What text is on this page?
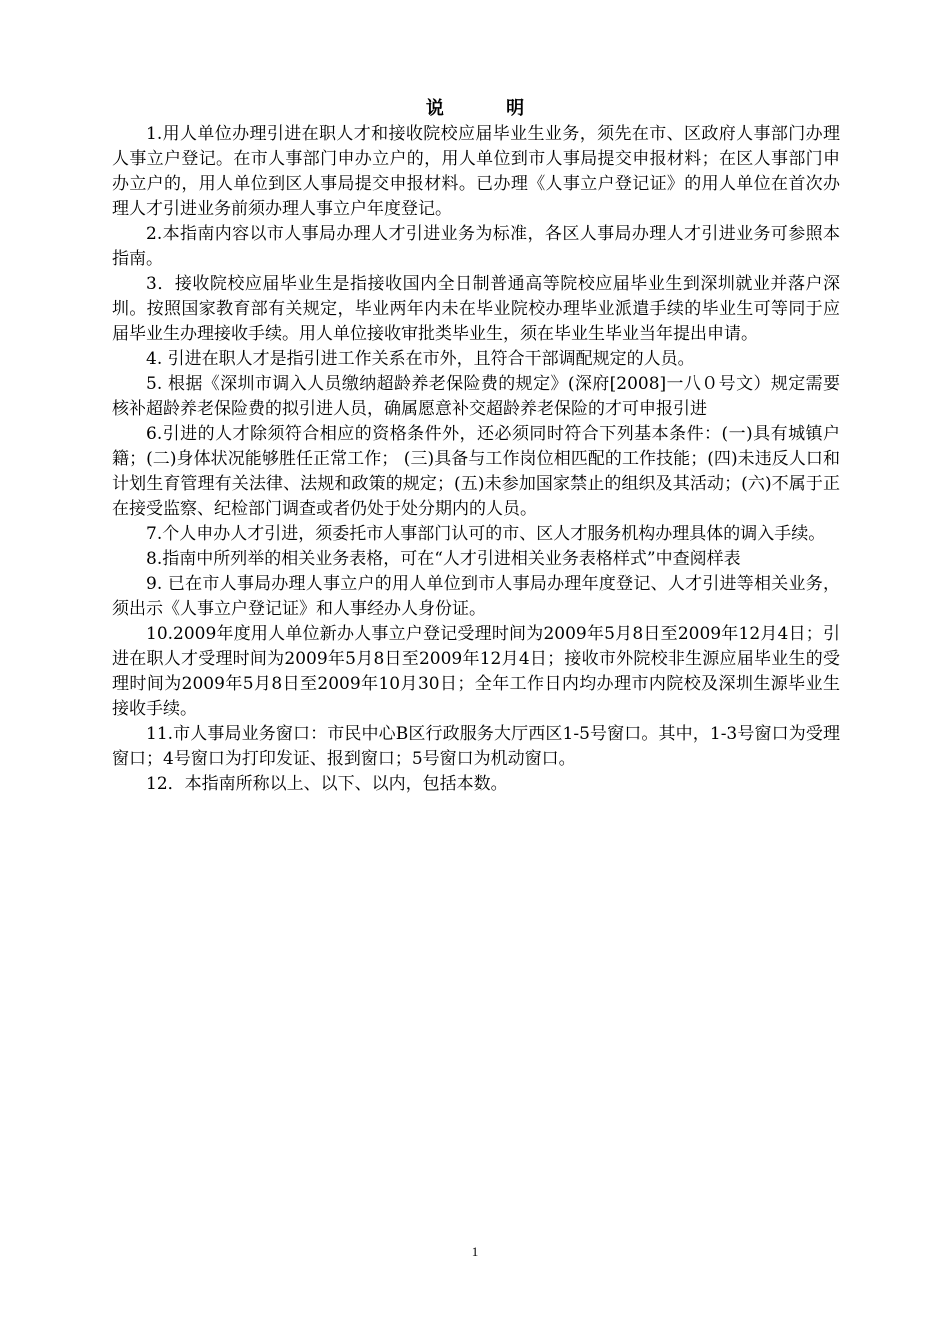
说 明

1.用人单位办理引进在职人才和接收院校应届毕业生业务，须先在市、区政府人事部门办理人事立户登记。在市人事部门申办立户的，用人单位到市人事局提交申报材料；在区人事部门申办立户的，用人单位到区人事局提交申报材料。已办理《人事立户登记证》的用人单位在首次办理人才引进业务前须办理人事立户年度登记。

2.本指南内容以市人事局办理人才引进业务为标准，各区人事局办理人才引进业务可参照本指南。

3．接收院校应届毕业生是指接收国内全日制普通高等院校应届毕业生到深圳就业并落户深圳。按照国家教育部有关规定，毕业两年内未在毕业院校办理毕业派遣手续的毕业生可等同于应届毕业生办理接收手续。用人单位接收审批类毕业生，须在毕业生毕业当年提出申请。

4. 引进在职人才是指引进工作关系在市外，且符合干部调配规定的人员。

5. 根据《深圳市调入人员缴纳超龄养老保险费的规定》(深府[2008]一八０号文）规定需要核补超龄养老保险费的拟引进人员，确属愿意补交超龄养老保险的才可申报引进

6.引进的人才除须符合相应的资格条件外，还必须同时符合下列基本条件：(一)具有城镇户籍；(二)身体状况能够胜任正常工作； (三)具备与工作岗位相匹配的工作技能；(四)未违反人口和计划生育管理有关法律、法规和政策的规定；(五)未参加国家禁止的组织及其活动；(六)不属于正在接受监察、纪检部门调查或者仍处于处分期内的人员。

7.个人申办人才引进，须委托市人事部门认可的市、区人才服务机构办理具体的调入手续。

8.指南中所列举的相关业务表格，可在“人才引进相关业务表格样式”中查阅样表

9. 已在市人事局办理人事立户的用人单位到市人事局办理年度登记、人才引进等相关业务，须出示《人事立户登记证》和人事经办人身份证。

10.2009年度用人单位新办人事立户登记受理时间为2009年5月8日至2009年12月4日；引进在职人才受理时间为2009年5月8日至2009年12月4日；接收市外院校非生源应届毕业生的受理时间为2009年5月8日至2009年10月30日；全年工作日内均办理市内院校及深圳生源毕业生接收手续。

11.市人事局业务窗口：市民中心B区行政服务大厅西区1-5号窗口。其中，1-3号窗口为受理窗口；4号窗口为打印发证、报到窗口；5号窗口为机动窗口。

12．本指南所称以上、以下、以内，包括本数。

1
